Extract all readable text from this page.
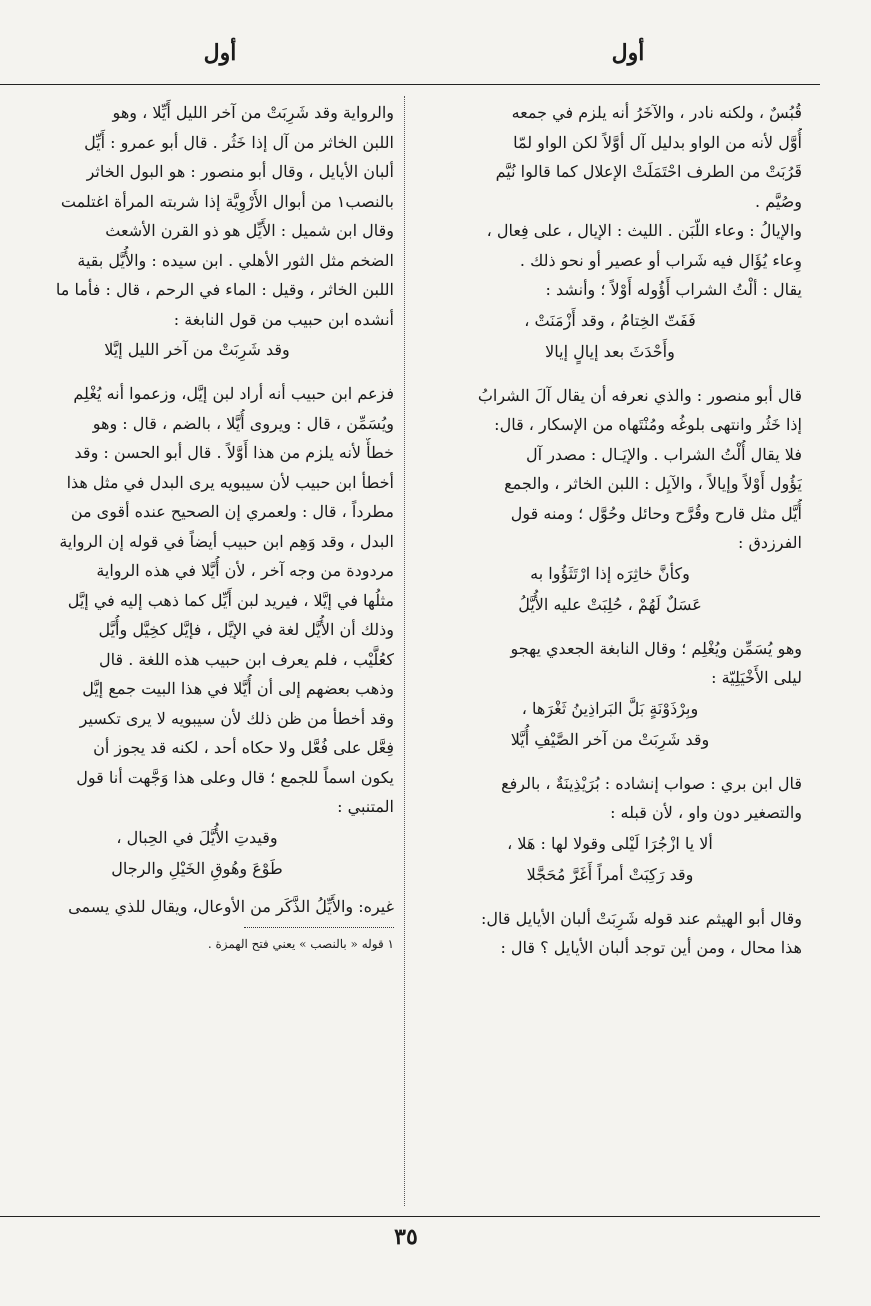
أول
أول
قُبُسٌ ، ولكنه نادر ، والآخَرُ أنه يلزم في جمعه
أُوَّل لأنه من الواو بدليل آل أوَّلاً لكن الواو لمّا
قَرُبَتْ من الطرف احْتَمَلَتْ الإعلال كما قالوا نُيَّم
وصُيَّم .
والإيالُ : وعاء اللّبَن . الليث : الإيال ، على فِعال ،
وِعاء يُؤَال فيه شَراب أو عصير أو نحو ذلك .
يقال : ألْتُ الشراب أَؤُوله أَوْلاً ؛ وأنشد :
فَفَتّ الخِتامُ ، وقد أَزْمَنَتْ ،
وأَحْدَثَ بعد إيالٍ إيالا
قال أبو منصور : والذي نعرفه أن يقال آلَ الشرابُ
إذا خَثُر وانتهى بلوغُه ومُنْتَهاه من الإسكار ، قال:
فلا يقال أُلْتُ الشراب . والإيَـال : مصدر آل
يَؤُول أَوْلاً وإيالاً ، والآيِل : اللبن الخاثر ، والجمع
أُيَّل مثل قارح وقُرَّح وحائل وحُوَّل ؛ ومنه قول
الفرزدق :
وكأنَّ خاثِرَه إذا ارْتَثَؤُوا به
عَسَلٌ لَهُمْ ، حُلِبَتْ عليه الأُيَّلُ
وهو يُسَمِّن ويُغْلِم ؛ وقال النابغة الجعدي يهجو
ليلى الأَخْيَلِيّة :
وبِرْذَوْنَةٍ بَلَّ البَراذِينُ ثَغْرَها ،
وقد شَرِبَتْ من آخر الصَّيْفِ أُيَّلا
قال ابن بري : صواب إنشاده : بُرَيْذِينَةٌ ، بالرفع
والتصغير دون واو ، لأن قبله :
ألا يا ازْجُرَا لَيْلى وقولا لها : هَلا ،
وقد رَكِبَتْ أمراً أَغَرَّ مُحَجَّلا
وقال أبو الهيثم عند قوله شَرِبَتْ ألبان الأيايل قال:
هذا محال ، ومن أين توجد ألبان الأيايل ؟ قال :
والرواية وقد شَرِبَتْ من آخر الليل أَيِّلا ، وهو
اللبن الخاثر من آل إذا خَثُر . قال أبو عمرو : أَيِّل
ألبان الأيايل ، وقال أبو منصور : هو البول الخاثر
بالنصب١ من أبوال الأَرْوِيَّة إذا شربته المرأة اغتلمت
وقال ابن شميل : الأَيِّل هو ذو القرن الأشعث
الضخم مثل الثور الأهلي . ابن سيده : والأُيَّل بقية
اللبن الخاثر ، وقيل : الماء في الرحم ، قال : فأما ما
أنشده ابن حبيب من قول النابغة :
وقد شَرِبَتْ من آخر الليل إيَّلا
فزعم ابن حبيب أنه أراد لبن إيَّل، وزعموا أنه يُغْلِم
ويُسَمِّن ، قال : ويروى أُيَّلا ، بالضم ، قال : وهو
خطأٌ لأنه يلزم من هذا أَوَّلاً . قال أبو الحسن : وقد
أخطأ ابن حبيب لأن سيبويه يرى البدل في مثل هذا
مطرداً ، قال : ولعمري إن الصحيح عنده أقوى من
البدل ، وقد وَهِم ابن حبيب أيضاً في قوله إن الرواية
مردودة من وجه آخر ، لأن أُيَّلا في هذه الرواية
مثلُها في إيَّلا ، فيريد لبن أَيِّل كما ذهب إليه في إيَّل
وذلك أن الأُيَّل لغة في الإيَّل ، فإيَّل كخِيَّل وأُيَّل
كعُلَّيْب ، فلم يعرف ابن حبيب هذه اللغة . قال
وذهب بعضهم إلى أن أُيَّلا في هذا البيت جمع إيَّل
وقد أخطأ من ظن ذلك لأن سيبويه لا يرى تكسير
فِعَّل على فُعَّل ولا حكاه أحد ، لكنه قد يجوز أن
يكون اسماً للجمع ؛ قال وعلى هذا وَجَّهت أنا قول
المتنبي :
وقيدتِ الأُيَّلَ في الحِبال ،
طَوْعَ وهُوقِ الخَيْلِ والرجال
غيره: والأَيِّلُ الذَّكَر من الأوعال، ويقال للذي يسمى
١ قوله « بالنصب » يعني فتح الهمزة .
٣٥
